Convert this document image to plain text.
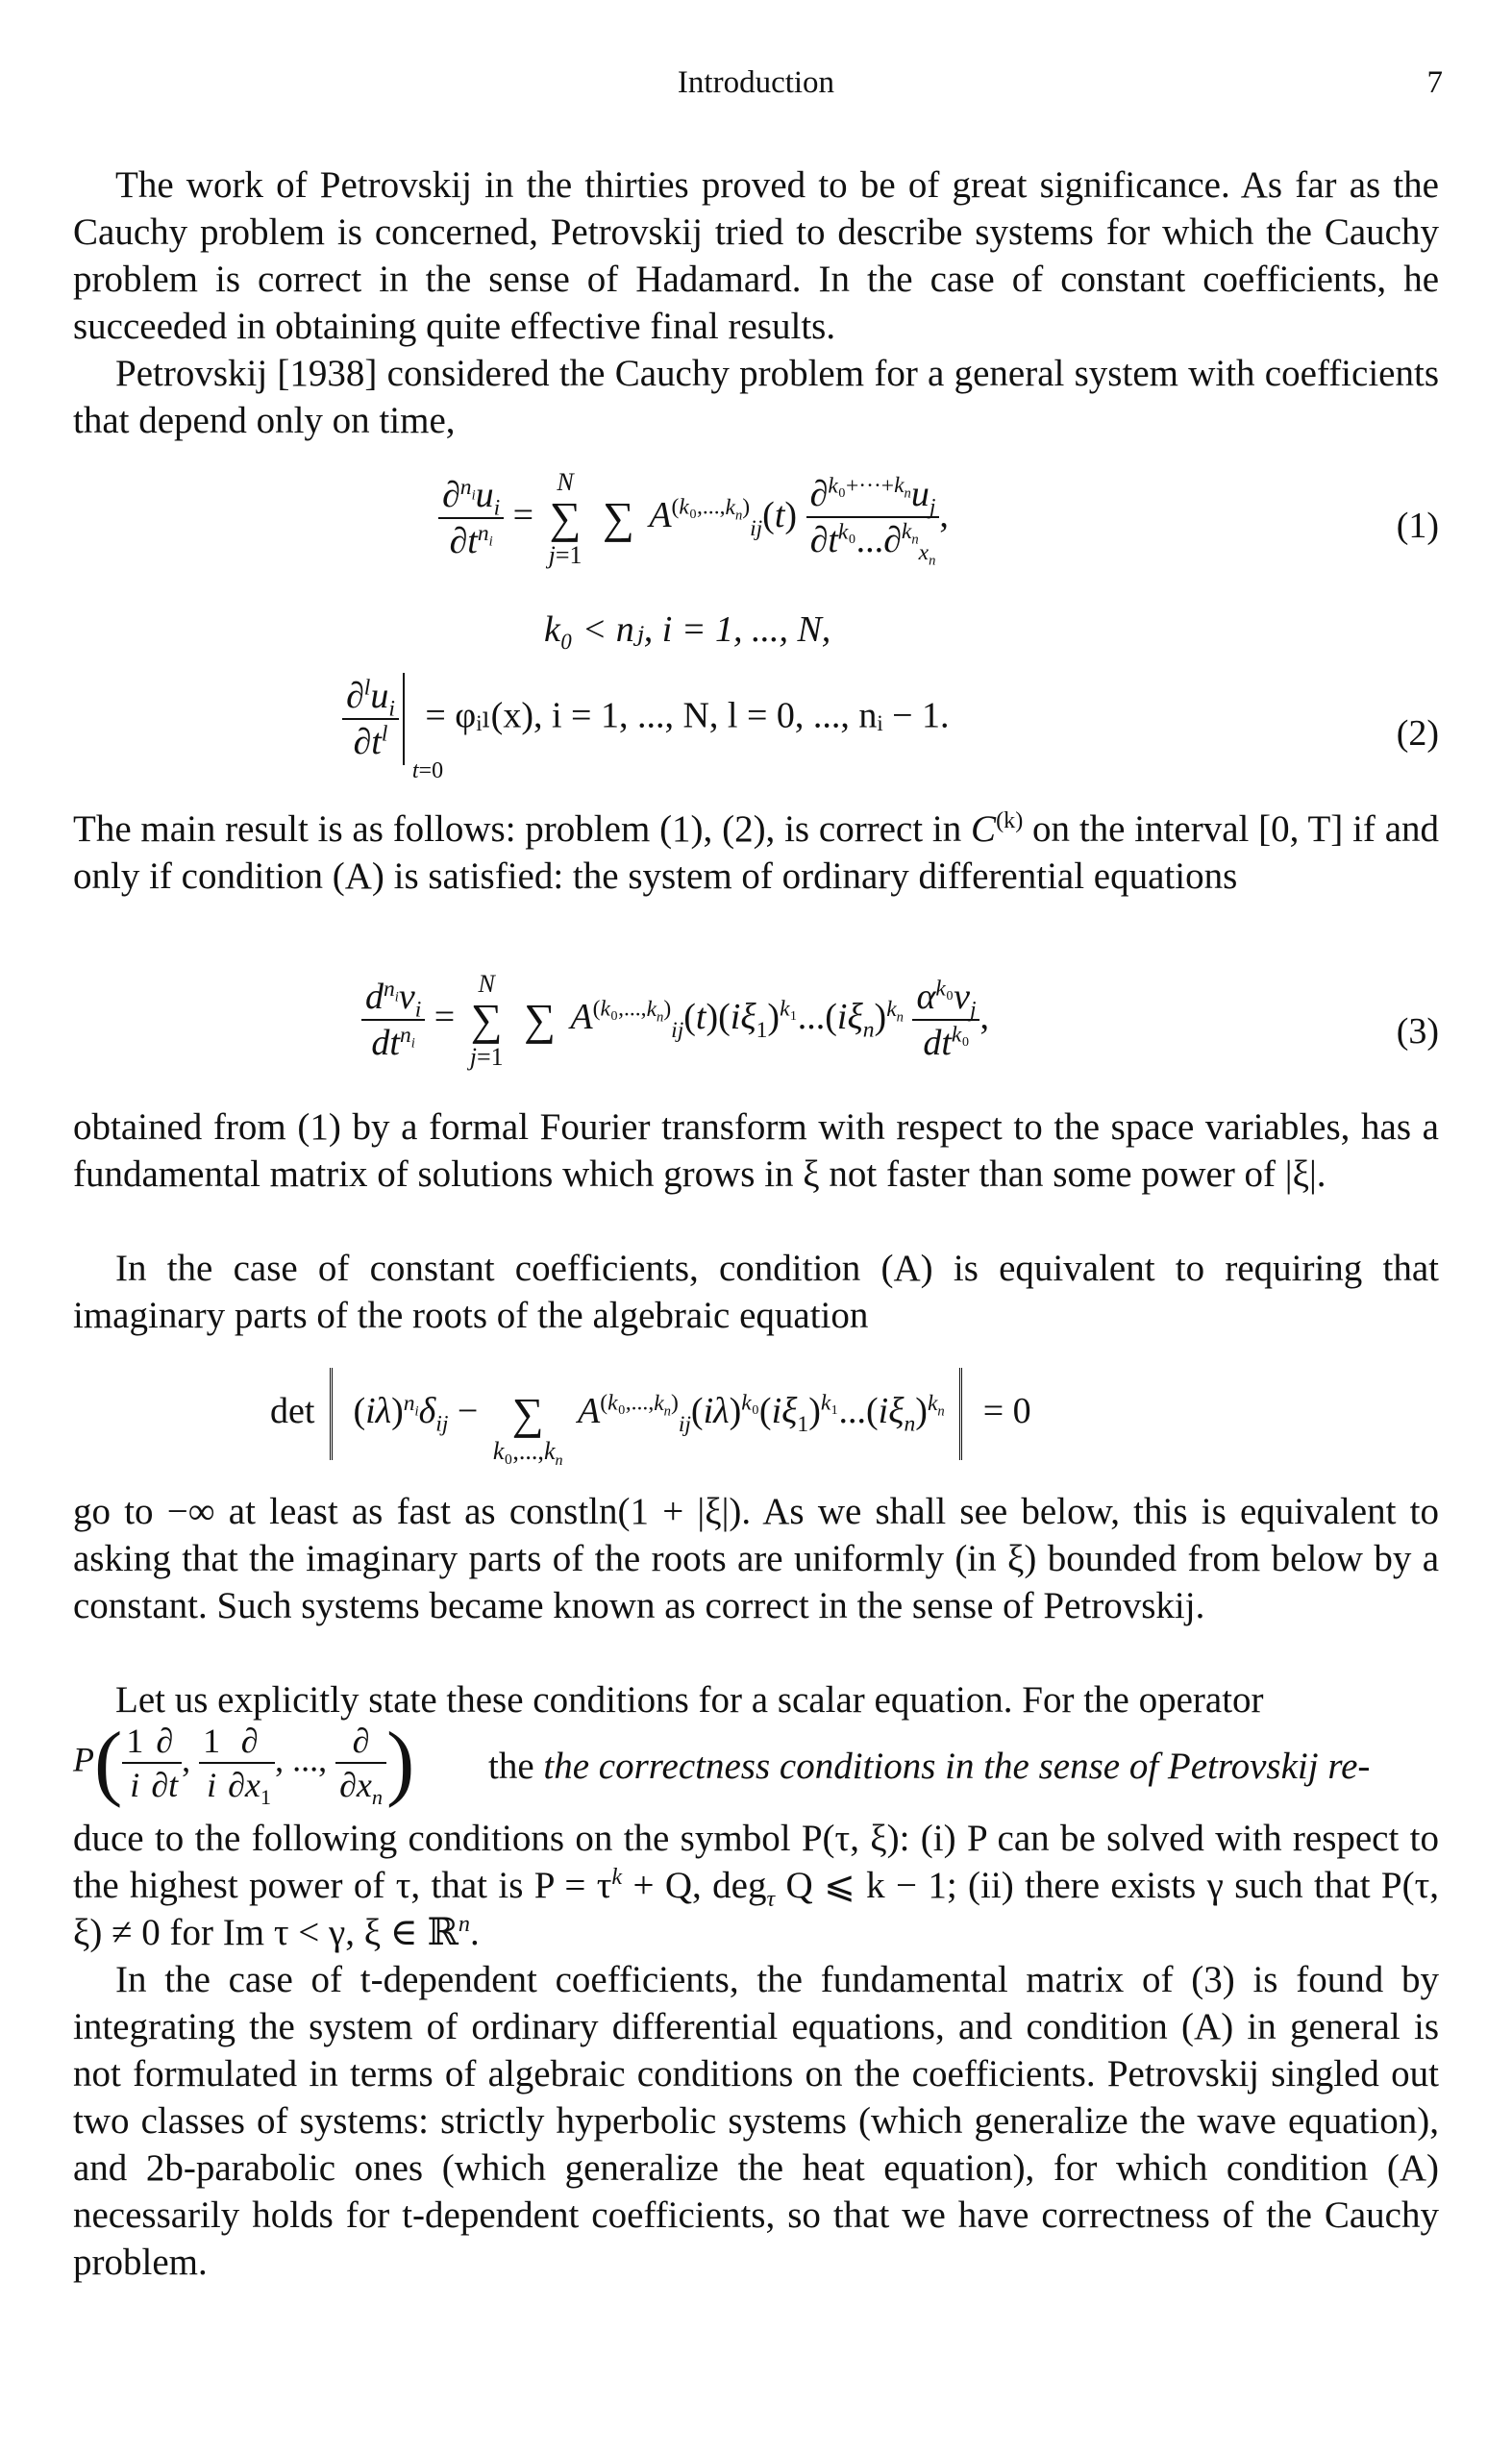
Introduction	7

The work of Petrovskij in the thirties proved to be of great significance. As far as the Cauchy problem is concerned, Petrovskij tried to describe systems for which the Cauchy problem is correct in the sense of Hadamard. In the case of constant coefficients, he succeeded in obtaining quite effective final results.

Petrovskij [1938] considered the Cauchy problem for a general system with coefficients that depend only on time,

$\frac{\partial^{n_i}u_i}{\partial t^{n_i}} = N$
∑
j=1 ∑ $A^{(k_0,...,k_n)}_{ij}(t) \frac{\partial^{k_0+\cdot\cdot\cdot+k_n}u_j}{\partial t^{k_0}...\partial^{k_n}_{x_n}}$ ,	(1)
k₀ < nⱼ, i = 1, ..., N,
$\frac{\partial^lu_i}{\partial t^l}$
t=0
= φᵢₗ(x), i = 1, ..., N, l = 0, ..., nᵢ − 1.	(2)

The main result is as follows: problem (1), (2), is correct in $C^{(k)}$ on the interval [0, T] if and only if condition (A) is satisfied: the system of ordinary differential equations

$\frac{d^{n_i}v_i}{dt^{n_i}} = N$
∑
j=1 ∑ $A^{(k_0,...,k_n)}_{ij}(t)(i\xi_1)^{k_1}...(i\xi_n)^{k_n} \frac{\alpha^{k_0}v_j}{dt^{k_0}}$ ,	(3)

obtained from (1) by a formal Fourier transform with respect to the space variables, has a fundamental matrix of solutions which grows in ξ not faster than some power of |ξ|.

In the case of constant coefficients, condition (A) is equivalent to requiring that imaginary parts of the roots of the algebraic equation

$\det (i\lambda)^{n_i}\delta_{ij}$ − ∑
$k_0,...,k_n$ $A^{(k_0,...,k_n)}_{ij}(i\lambda)^{k_0}(i\xi_1)^{k_1}...(i\xi_n)^{k_n} = 0$

go to −∞ at least as fast as constln(1 + |ξ|). As we shall see below, this is equivalent to asking that the imaginary parts of the roots are uniformly (in ξ) bounded from below by a constant. Such systems became known as correct in the sense of Petrovskij.

Let us explicitly state these conditions for a scalar equation. For the operator

$P( \frac{1}{i} \frac{\partial}{\partial t}$ , $\frac{1}{i} \frac{\partial}{\partial x_1}$ , ..., $\frac{\partial}{\partial x_n}$ ) the the correctness conditions in the sense of Petrovskij re-

duce to the following conditions on the symbol P(τ, ξ): (i) P can be solved with respect to the highest power of τ, that is $P = \tau^k + Q$, deg$_\tau$ Q ⩽ k − 1; (ii) there exists γ such that P(τ, ξ) ≠ 0 for Im τ < γ, ξ ∈ ℝ$^n$.

In the case of t-dependent coefficients, the fundamental matrix of (3) is found by integrating the system of ordinary differential equations, and condition (A) in general is not formulated in terms of algebraic conditions on the coefficients. Petrovskij singled out two classes of systems: strictly hyperbolic systems (which generalize the wave equation), and 2b-parabolic ones (which generalize the heat equation), for which condition (A) necessarily holds for t-dependent coefficients, so that we have correctness of the Cauchy problem.
